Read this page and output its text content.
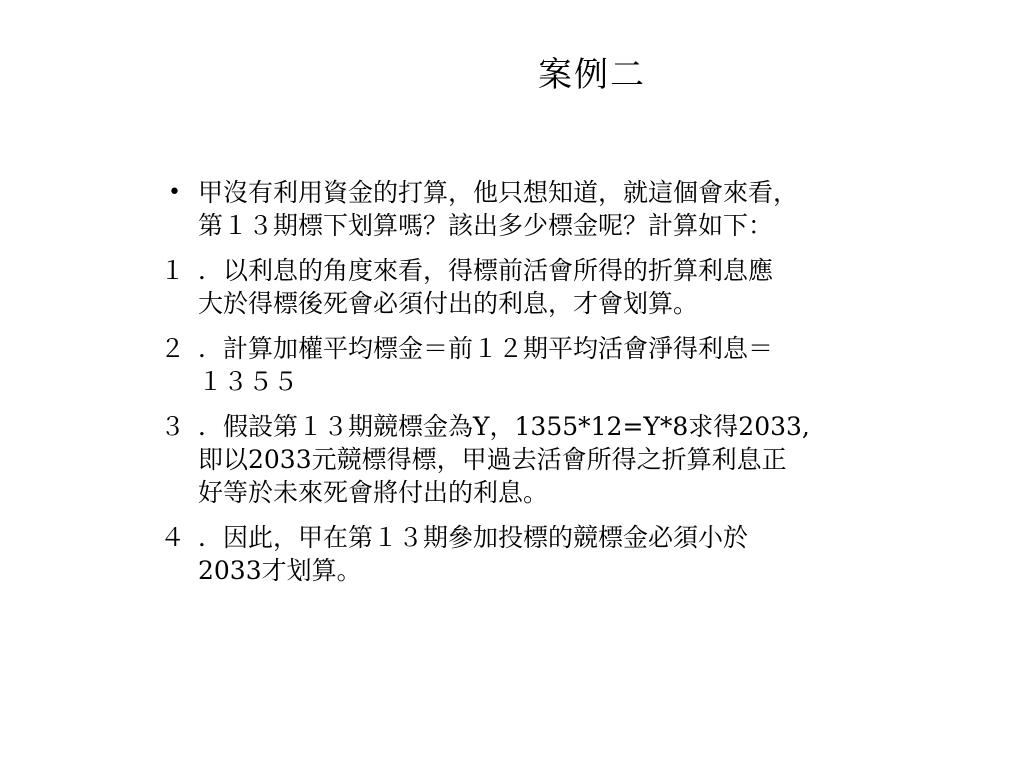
案例二
• 甲沒有利用資金的打算，他只想知道，就這個會來看，
第１３期標下划算嗎？該出多少標金呢？計算如下：
１ ．以利息的角度來看，得標前活會所得的折算利息應
大於得標後死會必須付出的利息，才會划算。
２ ．計算加權平均標金＝前１２期平均活會淨得利息＝
１３５５
３ ．假設第１３期競標金為Y，1355*12=Y*8求得2033,
即以2033元競標得標，甲過去活會所得之折算利息正
好等於未來死會將付出的利息。
４ ．因此，甲在第１３期參加投標的競標金必須小於
2033才划算。
